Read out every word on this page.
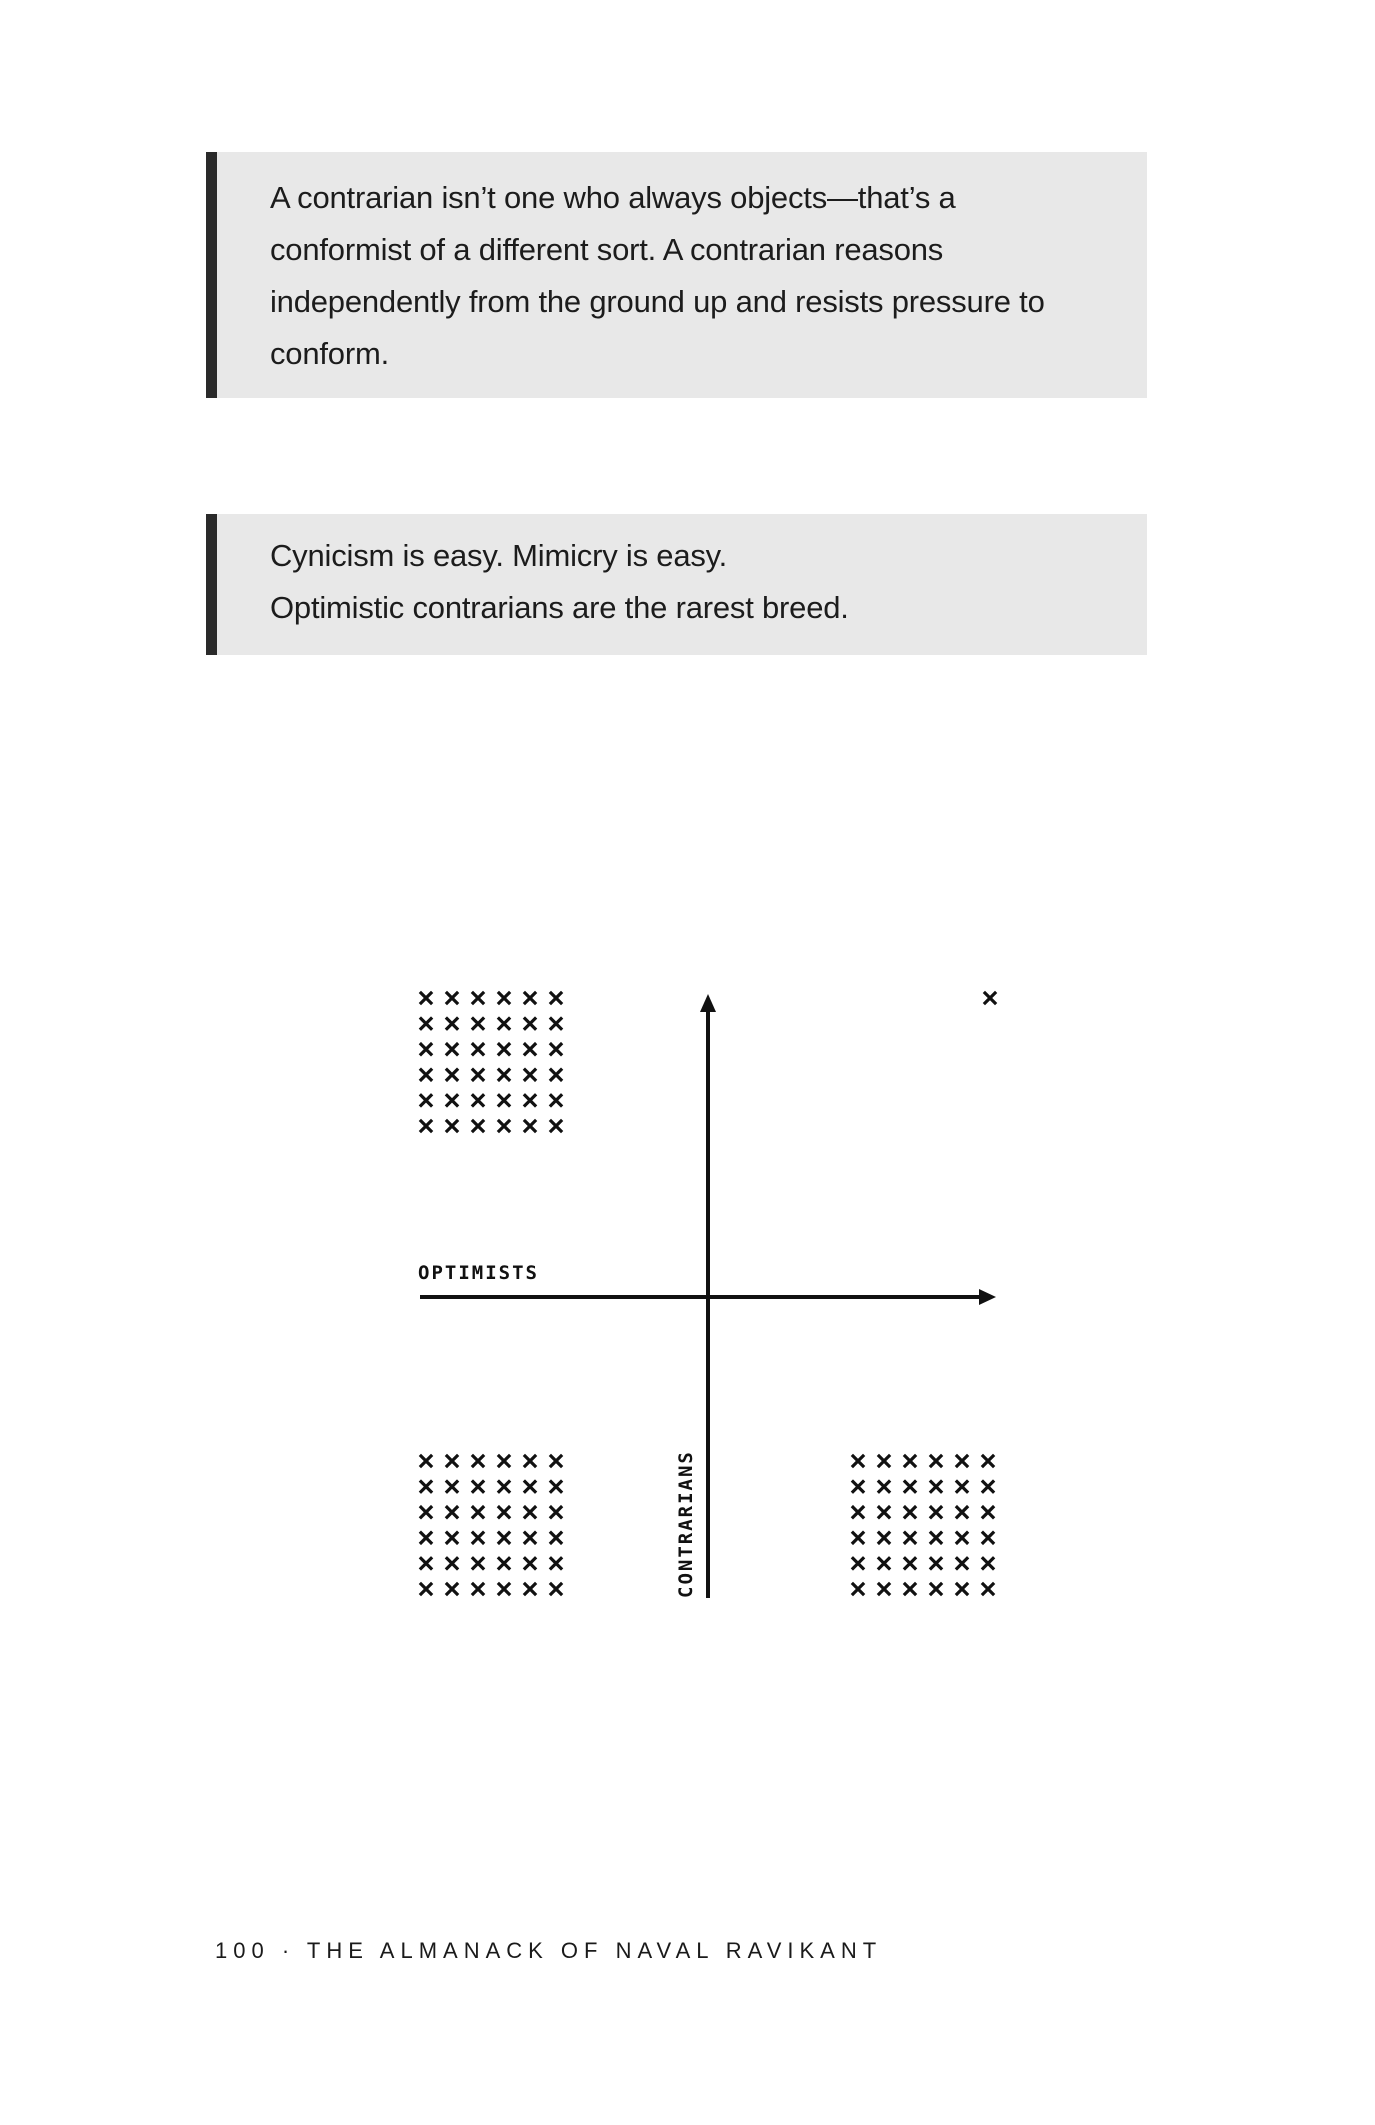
A contrarian isn’t one who always objects—that’s a
conformist of a different sort. A contrarian reasons
independently from the ground up and resists pressure to
conform.
Cynicism is easy. Mimicry is easy.
Optimistic contrarians are the rarest breed.
OPTIMISTS
CONTRARIANS
100 · THE ALMANACK OF NAVAL RAVIKANT
